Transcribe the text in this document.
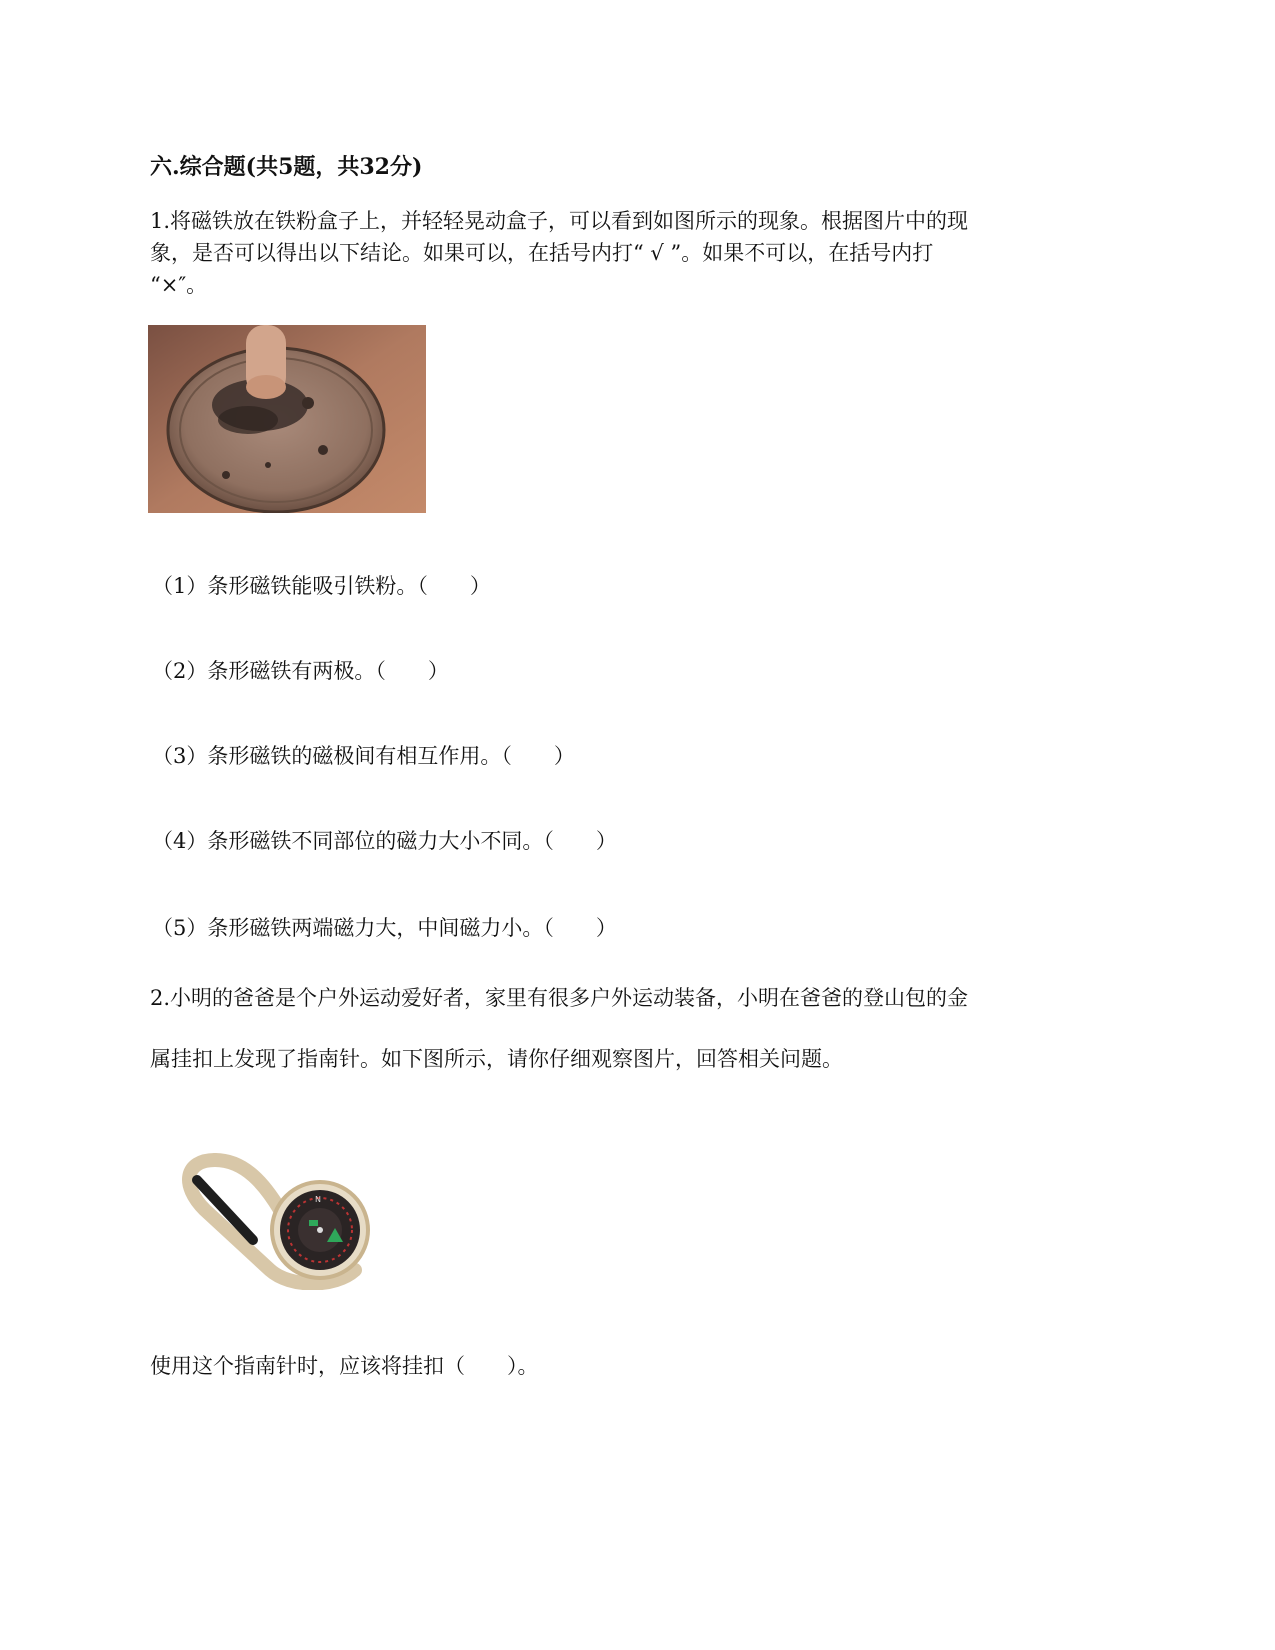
六.综合题(共5题，共32分)
1.将磁铁放在铁粉盒子上，并轻轻晃动盒子，可以看到如图所示的现象。根据图片中的现
象，是否可以得出以下结论。如果可以，在括号内打“ √ ”。如果不可以，在括号内打
“×″。
（1）条形磁铁能吸引铁粉。（　　）
（2）条形磁铁有两极。（　　）
（3）条形磁铁的磁极间有相互作用。（　　）
（4）条形磁铁不同部位的磁力大小不同。（　　）
（5）条形磁铁两端磁力大，中间磁力小。（　　）
2.小明的爸爸是个户外运动爱好者，家里有很多户外运动装备，小明在爸爸的登山包的金
属挂扣上发现了指南针。如下图所示，请你仔细观察图片，回答相关问题。
N
使用这个指南针时，应该将挂扣（　　）。
